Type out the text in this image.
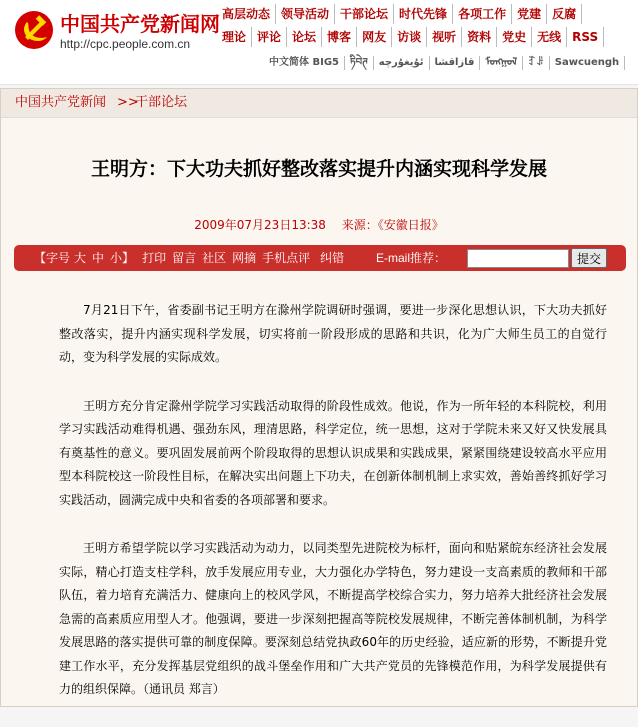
中国共产党新闻网
http://cpc.people.com.cn
高层动态 领导活动 干部论坛 时代先锋 各项工作 党建 反腐
理论 评论 论坛 博客 网友 访谈 视听 资料 党史 无线 RSS
中文简体 BIG5	ཏིབེཊ	ئۇيغۇرچە	قازاقشا	ᠮᠣᠩᠭᠣᠯ	ꆈꌠ	Sawcuengh
中国共产党新闻 >>
干部论坛
王明方：下大功夫抓好整改落实提升内涵实现科学发展
2009年07月23日13:38 来源：《安徽日报》
【字号 大 中 小】 打印 留言 社区 网摘 手机点评 纠错	E-mail推荐：	提交

7月21日下午，省委副书记王明方在滁州学院调研时强调，要进一步深化思想认识，下大功夫抓好整改落实，提升内涵实现科学发展，切实将前一阶段形成的思路和共识，化为广大师生员工的自觉行动，变为科学发展的实际成效。

王明方充分肯定滁州学院学习实践活动取得的阶段性成效。他说，作为一所年轻的本科院校，利用学习实践活动难得机遇、强劲东风，理清思路，科学定位，统一思想，这对于学院未来又好又快发展具有奠基性的意义。要巩固发展前两个阶段取得的思想认识成果和实践成果，紧紧围绕建设较高水平应用型本科院校这一阶段性目标，在解决实出问题上下功夫，在创新体制机制上求实效，善始善终抓好学习实践活动，圆满完成中央和省委的各项部署和要求。

王明方希望学院以学习实践活动为动力，以同类型先进院校为标杆，面向和贴紧皖东经济社会发展实际，精心打造支柱学科，放手发展应用专业，大力强化办学特色，努力建设一支高素质的教师和干部队伍，着力培育充满活力、健康向上的校风学风，不断提高学校综合实力，努力培养大批经济社会发展急需的高素质应用型人才。他强调，要进一步深刻把握高等院校发展规律，不断完善体制机制，为科学发展思路的落实提供可靠的制度保障。要深刻总结党执政60年的历史经验，适应新的形势，不断提升党建工作水平，充分发挥基层党组织的战斗堡垒作用和广大共产党员的先锋模范作用，为科学发展提供有力的组织保障。（通讯员 郑言）
